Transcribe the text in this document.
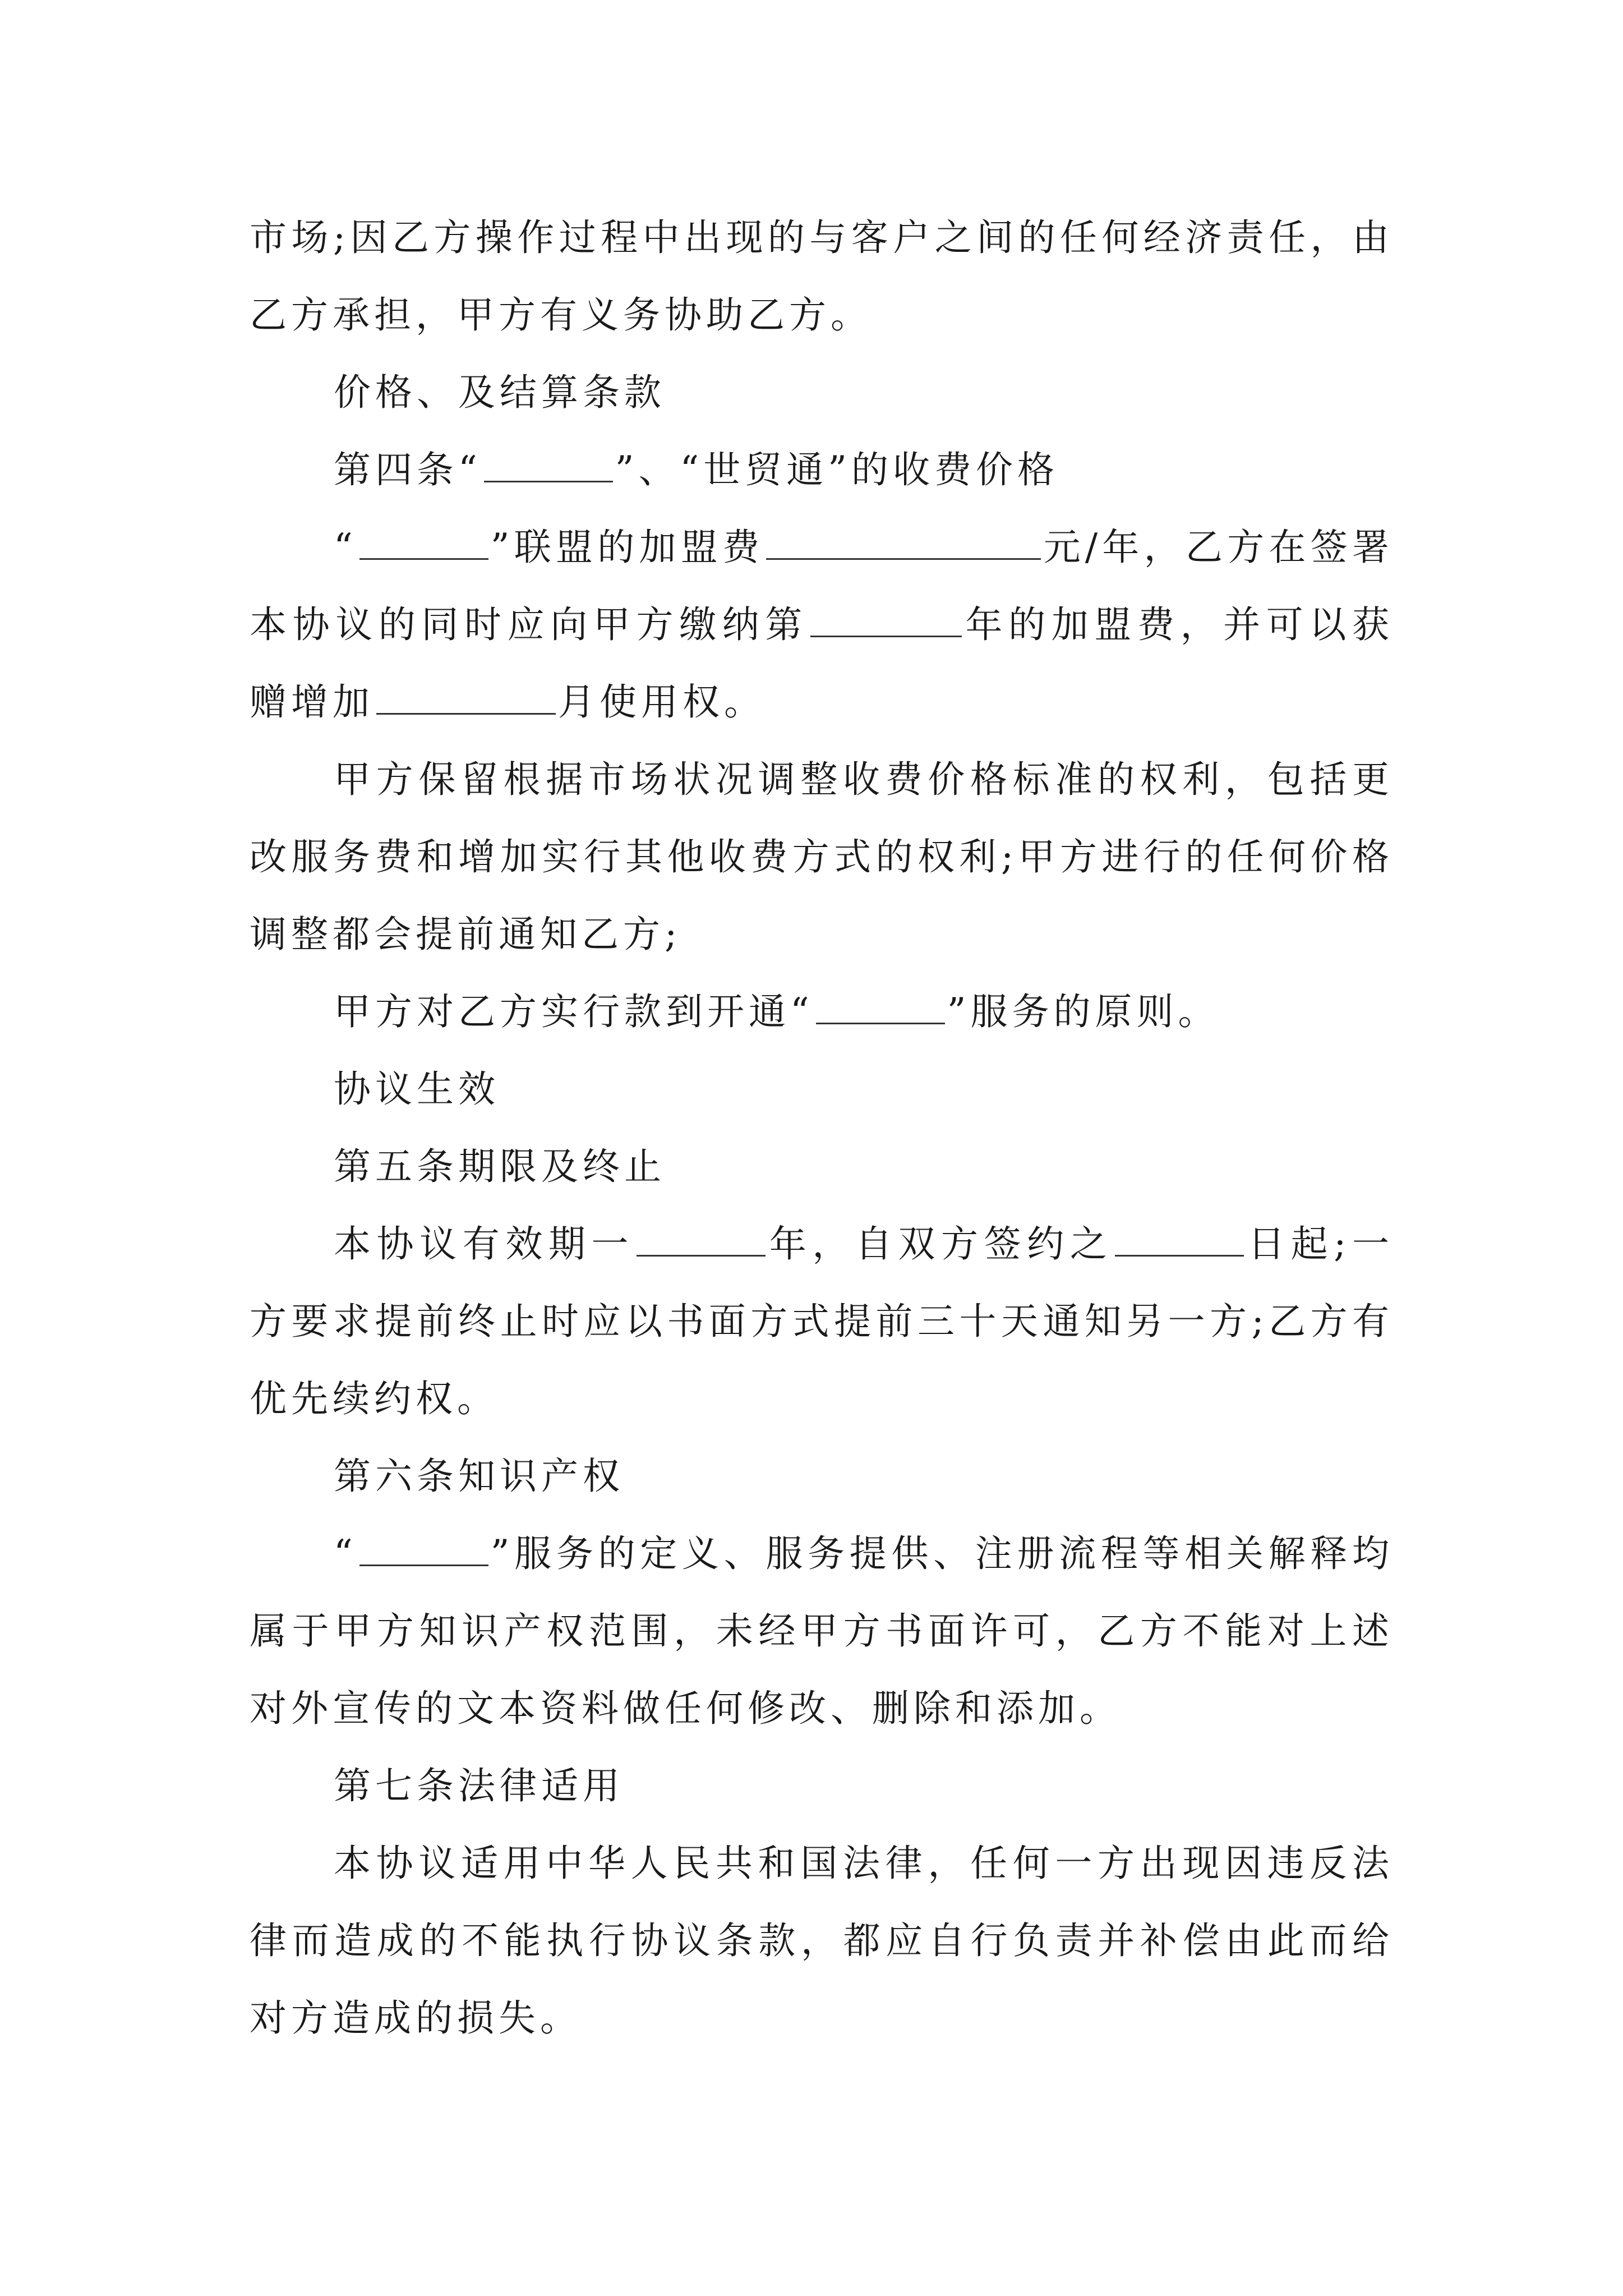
市场;因乙方操作过程中出现的与客户之间的任何经济责任，由乙方承担，甲方有义务协助乙方。

价格、及结算条款

第四条“	”、“世贸通”的收费价格

“	”联盟的加盟费	元/年，乙方在签署本协议的同时应向甲方缴纳第	年的加盟费，并可以获赠增加	月使用权。

甲方保留根据市场状况调整收费价格标准的权利，包括更改服务费和增加实行其他收费方式的权利;甲方进行的任何价格调整都会提前通知乙方;

甲方对乙方实行款到开通“	”服务的原则。

协议生效

第五条期限及终止

本协议有效期一	年，自双方签约之	日起;一方要求提前终止时应以书面方式提前三十天通知另一方;乙方有优先续约权。

第六条知识产权

“	”服务的定义、服务提供、注册流程等相关解释均属于甲方知识产权范围，未经甲方书面许可，乙方不能对上述对外宣传的文本资料做任何修改、删除和添加。

第七条法律适用

本协议适用中华人民共和国法律，任何一方出现因违反法律而造成的不能执行协议条款，都应自行负责并补偿由此而给对方造成的损失。
